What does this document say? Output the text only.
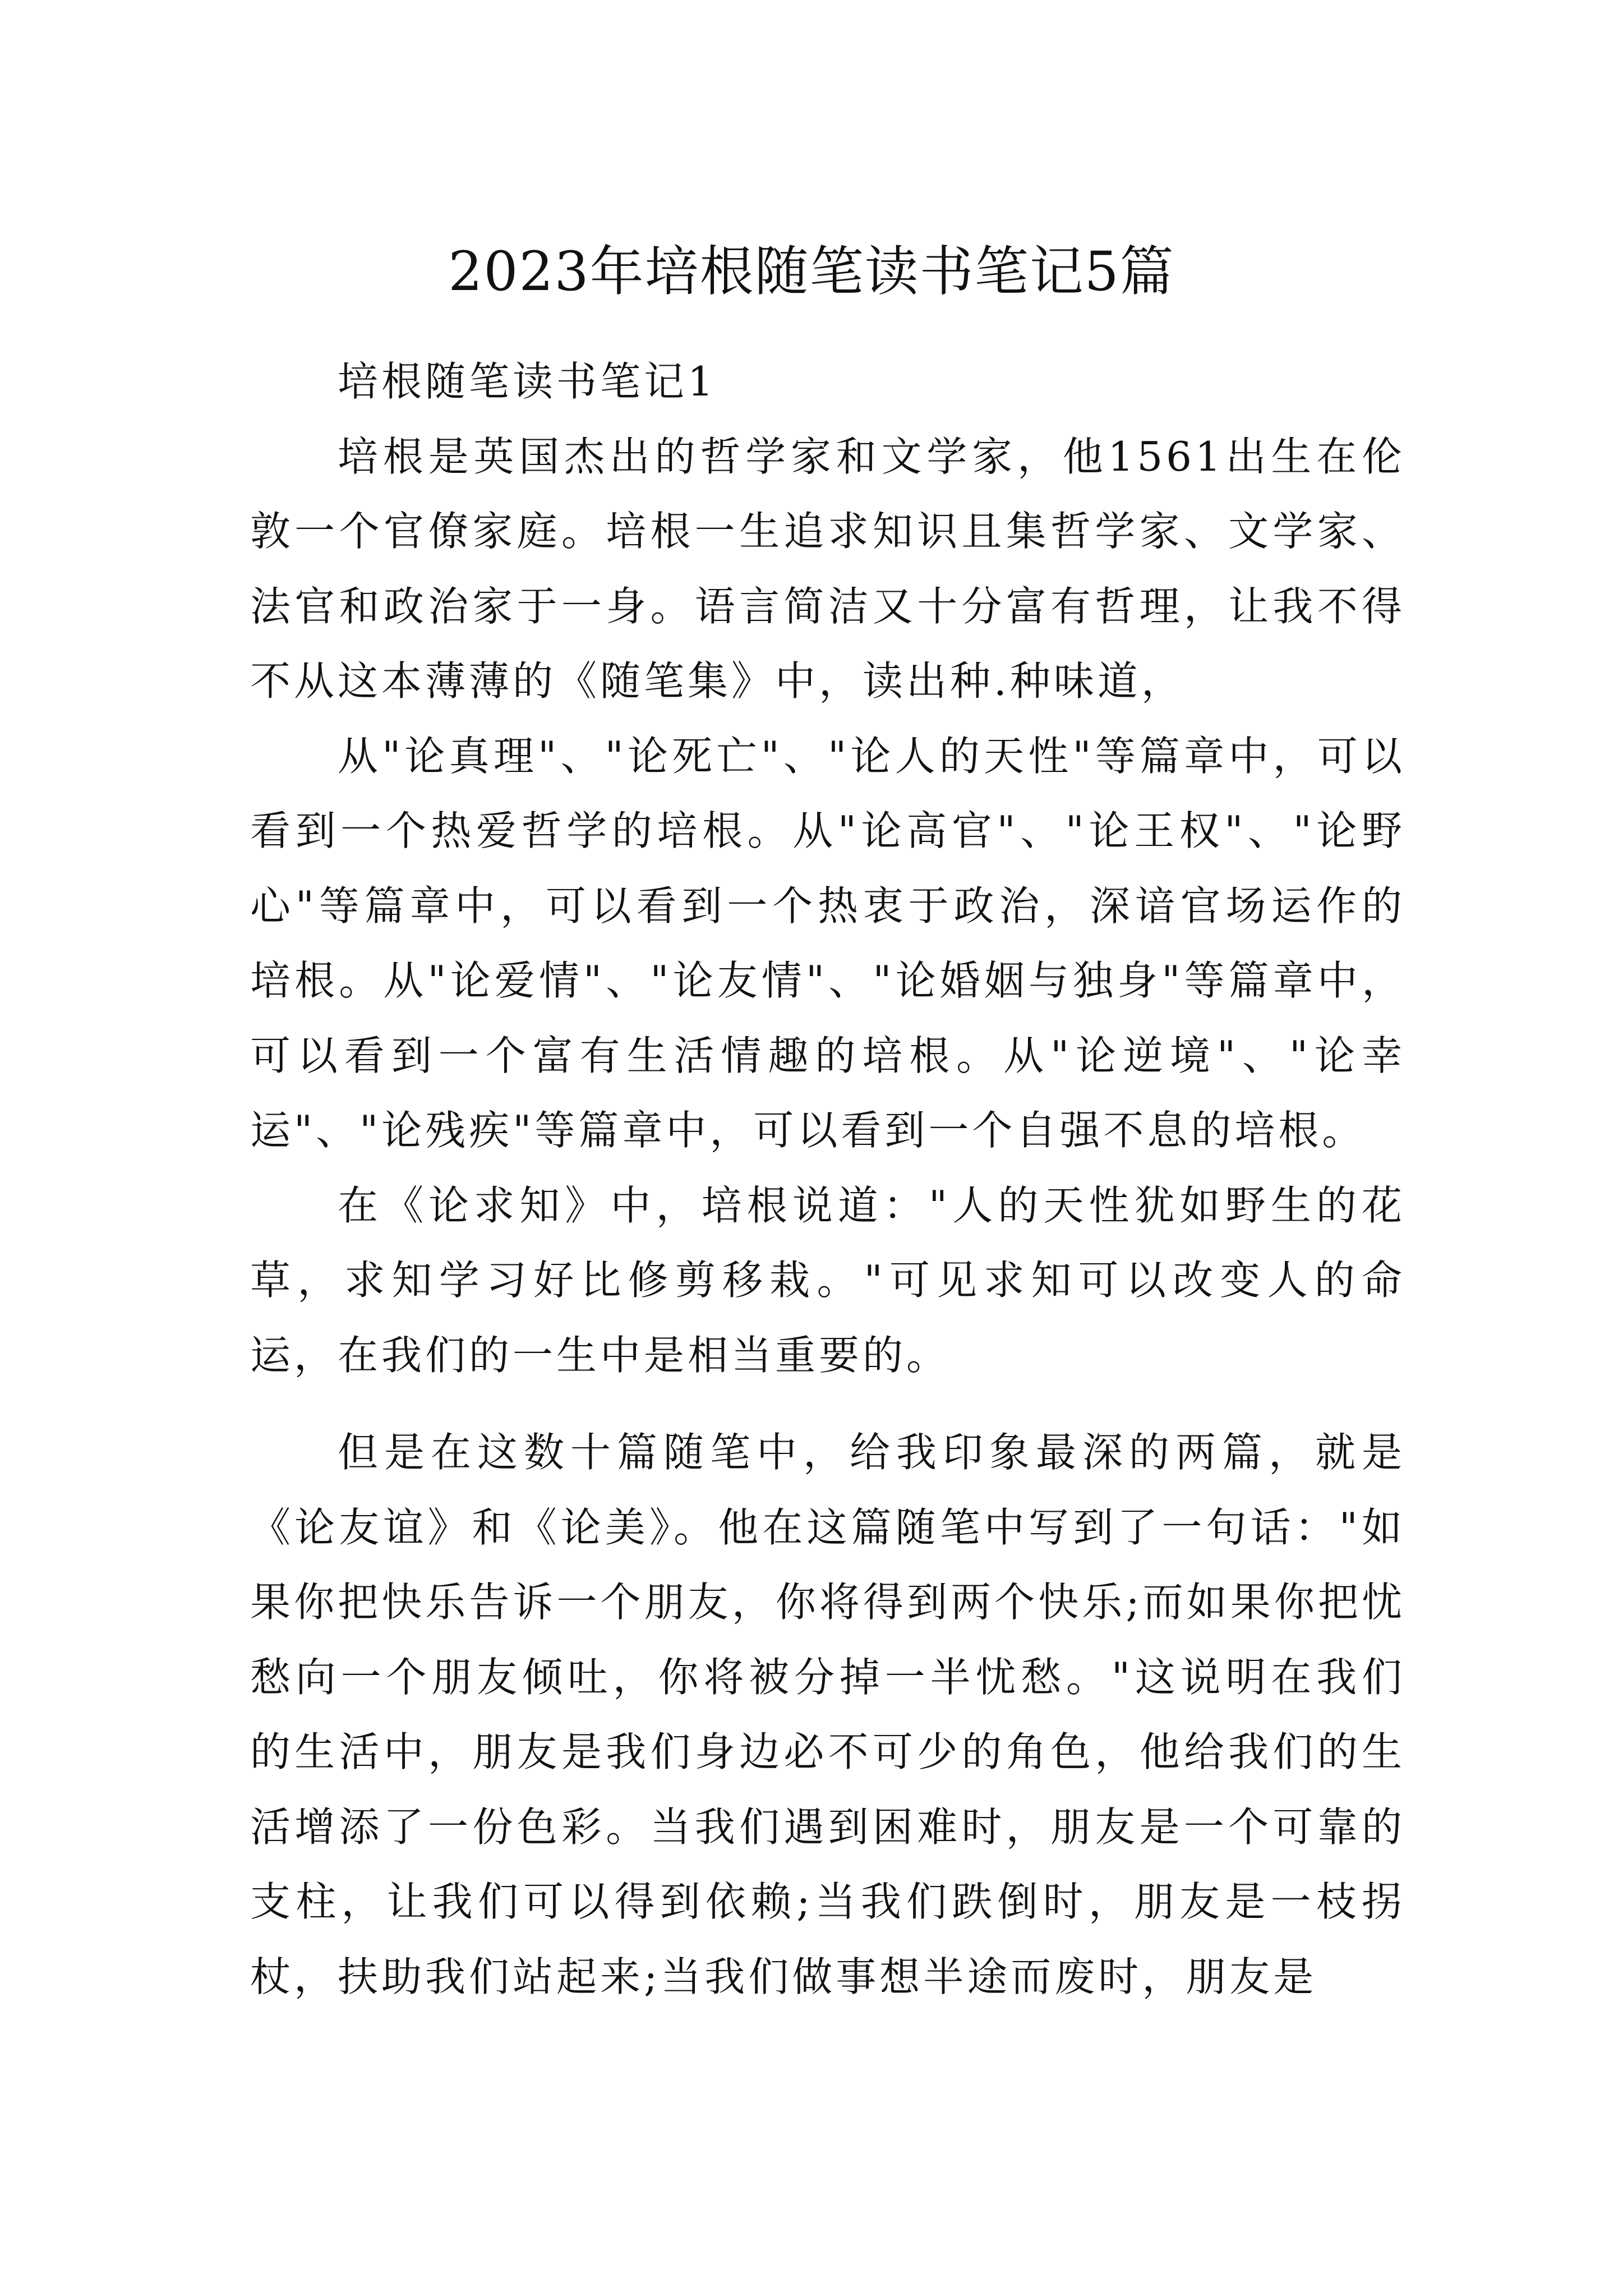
2023年培根随笔读书笔记5篇

培根随笔读书笔记1

培根是英国杰出的哲学家和文学家，他1561出生在伦敦一个官僚家庭。培根一生追求知识且集哲学家、文学家、法官和政治家于一身。语言简洁又十分富有哲理，让我不得不从这本薄薄的《随笔集》中，读出种.种味道，

从"论真理"、"论死亡"、"论人的天性"等篇章中，可以看到一个热爱哲学的培根。从"论高官"、"论王权"、"论野心"等篇章中，可以看到一个热衷于政治，深谙官场运作的培根。从"论爱情"、"论友情"、"论婚姻与独身"等篇章中，可以看到一个富有生活情趣的培根。从"论逆境"、"论幸运"、"论残疾"等篇章中，可以看到一个自强不息的培根。

在《论求知》中，培根说道："人的天性犹如野生的花草，求知学习好比修剪移栽。"可见求知可以改变人的命运，在我们的一生中是相当重要的。

但是在这数十篇随笔中，给我印象最深的两篇，就是《论友谊》和《论美》。他在这篇随笔中写到了一句话："如果你把快乐告诉一个朋友，你将得到两个快乐;而如果你把忧愁向一个朋友倾吐，你将被分掉一半忧愁。"这说明在我们的生活中，朋友是我们身边必不可少的角色，他给我们的生活增添了一份色彩。当我们遇到困难时，朋友是一个可靠的支柱，让我们可以得到依赖;当我们跌倒时，朋友是一枝拐杖，扶助我们站起来;当我们做事想半途而废时，朋友是
